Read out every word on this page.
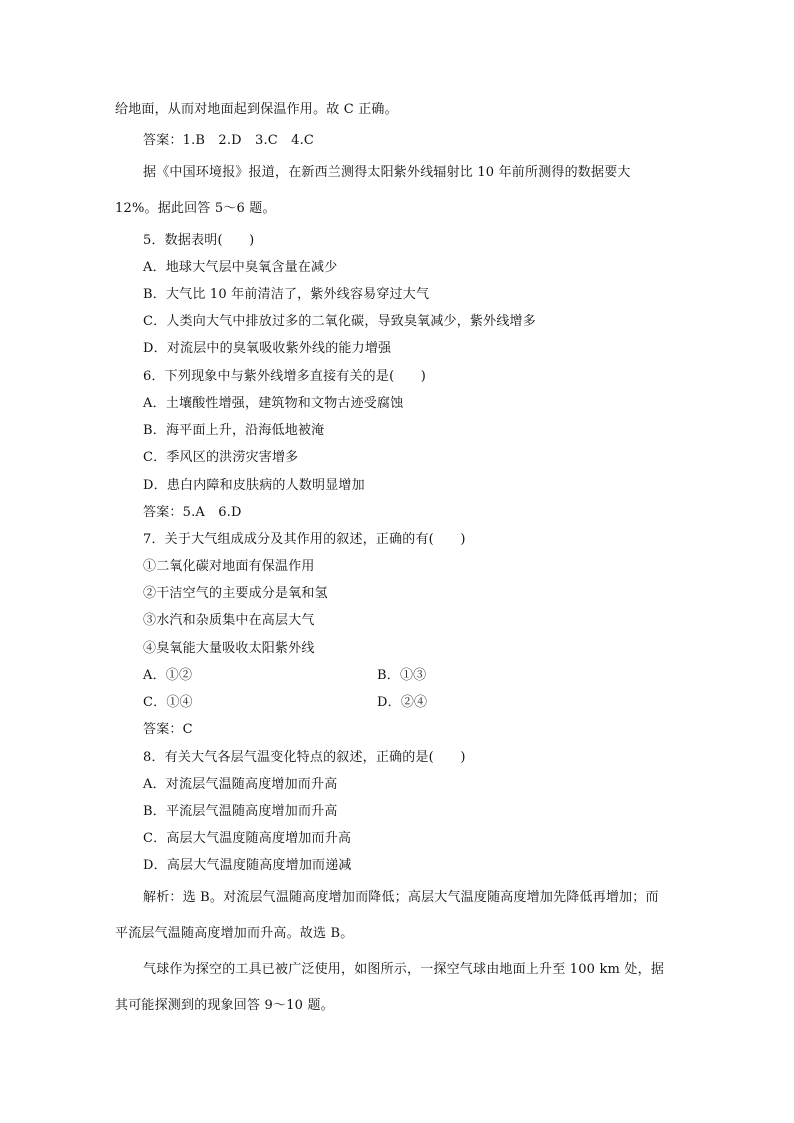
给地面，从而对地面起到保温作用。故 C 正确。
答案：1.B　2.D　3.C　4.C
据《中国环境报》报道，在新西兰测得太阳紫外线辐射比 10 年前所测得的数据要大
12%。据此回答 5～6 题。
5．数据表明(　　)
A．地球大气层中臭氧含量在减少
B．大气比 10 年前清洁了，紫外线容易穿过大气
C．人类向大气中排放过多的二氧化碳，导致臭氧减少，紫外线增多
D．对流层中的臭氧吸收紫外线的能力增强
6．下列现象中与紫外线增多直接有关的是(　　)
A．土壤酸性增强，建筑物和文物古迹受腐蚀
B．海平面上升，沿海低地被淹
C．季风区的洪涝灾害增多
D．患白内障和皮肤病的人数明显增加
答案：5.A　6.D
7．关于大气组成成分及其作用的叙述，正确的有(　　)
①二氧化碳对地面有保温作用
②干洁空气的主要成分是氧和氢
③水汽和杂质集中在高层大气
④臭氧能大量吸收太阳紫外线
A．①②	B．①③
C．①④	D．②④
答案：C
8．有关大气各层气温变化特点的叙述，正确的是(　　)
A．对流层气温随高度增加而升高
B．平流层气温随高度增加而升高
C．高层大气温度随高度增加而升高
D．高层大气温度随高度增加而递减
解析：选 B。对流层气温随高度增加而降低；高层大气温度随高度增加先降低再增加；而
平流层气温随高度增加而升高。故选 B。
气球作为探空的工具已被广泛使用，如图所示，一探空气球由地面上升至 100 km 处，据
其可能探测到的现象回答 9～10 题。
